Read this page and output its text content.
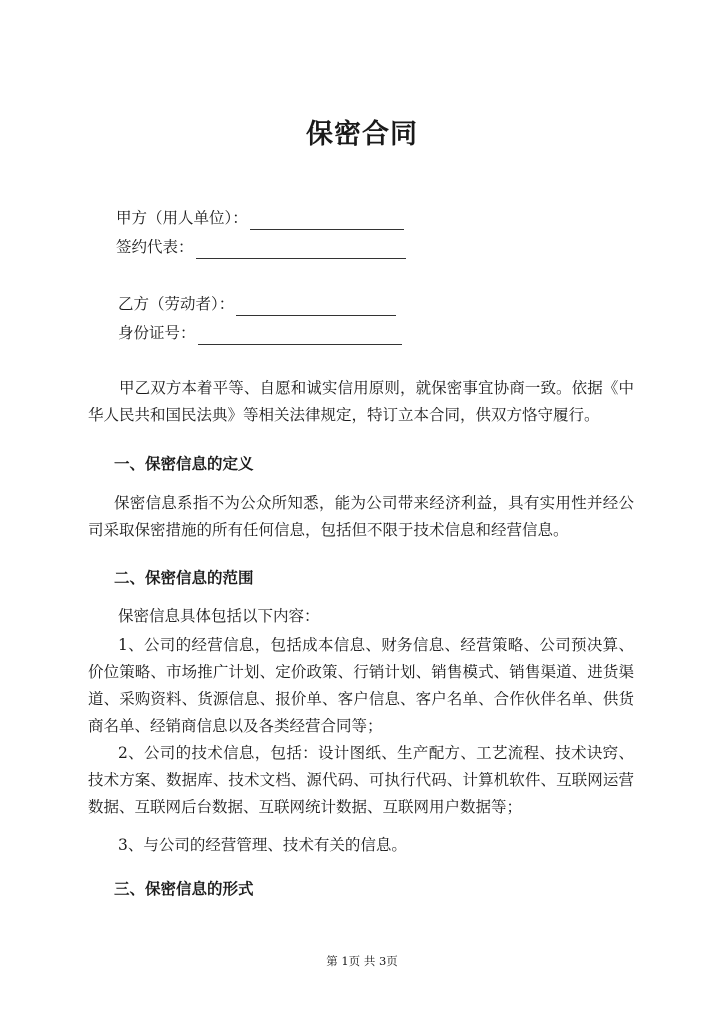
保密合同
甲方（用人单位）：
签约代表：
乙方（劳动者）：
身份证号：
甲乙双方本着平等、自愿和诚实信用原则，就保密事宜协商一致。依据《中华人民共和国民法典》等相关法律规定，特订立本合同，供双方恪守履行。
一、保密信息的定义
保密信息系指不为公众所知悉，能为公司带来经济利益，具有实用性并经公司采取保密措施的所有任何信息，包括但不限于技术信息和经营信息。
二、保密信息的范围
保密信息具体包括以下内容：
1、公司的经营信息，包括成本信息、财务信息、经营策略、公司预决算、价位策略、市场推广计划、定价政策、行销计划、销售模式、销售渠道、进货渠道、采购资料、货源信息、报价单、客户信息、客户名单、合作伙伴名单、供货商名单、经销商信息以及各类经营合同等；
2、公司的技术信息，包括：设计图纸、生产配方、工艺流程、技术诀窍、技术方案、数据库、技术文档、源代码、可执行代码、计算机软件、互联网运营数据、互联网后台数据、互联网统计数据、互联网用户数据等；
3、与公司的经营管理、技术有关的信息。
三、保密信息的形式
第 1页 共 3页
